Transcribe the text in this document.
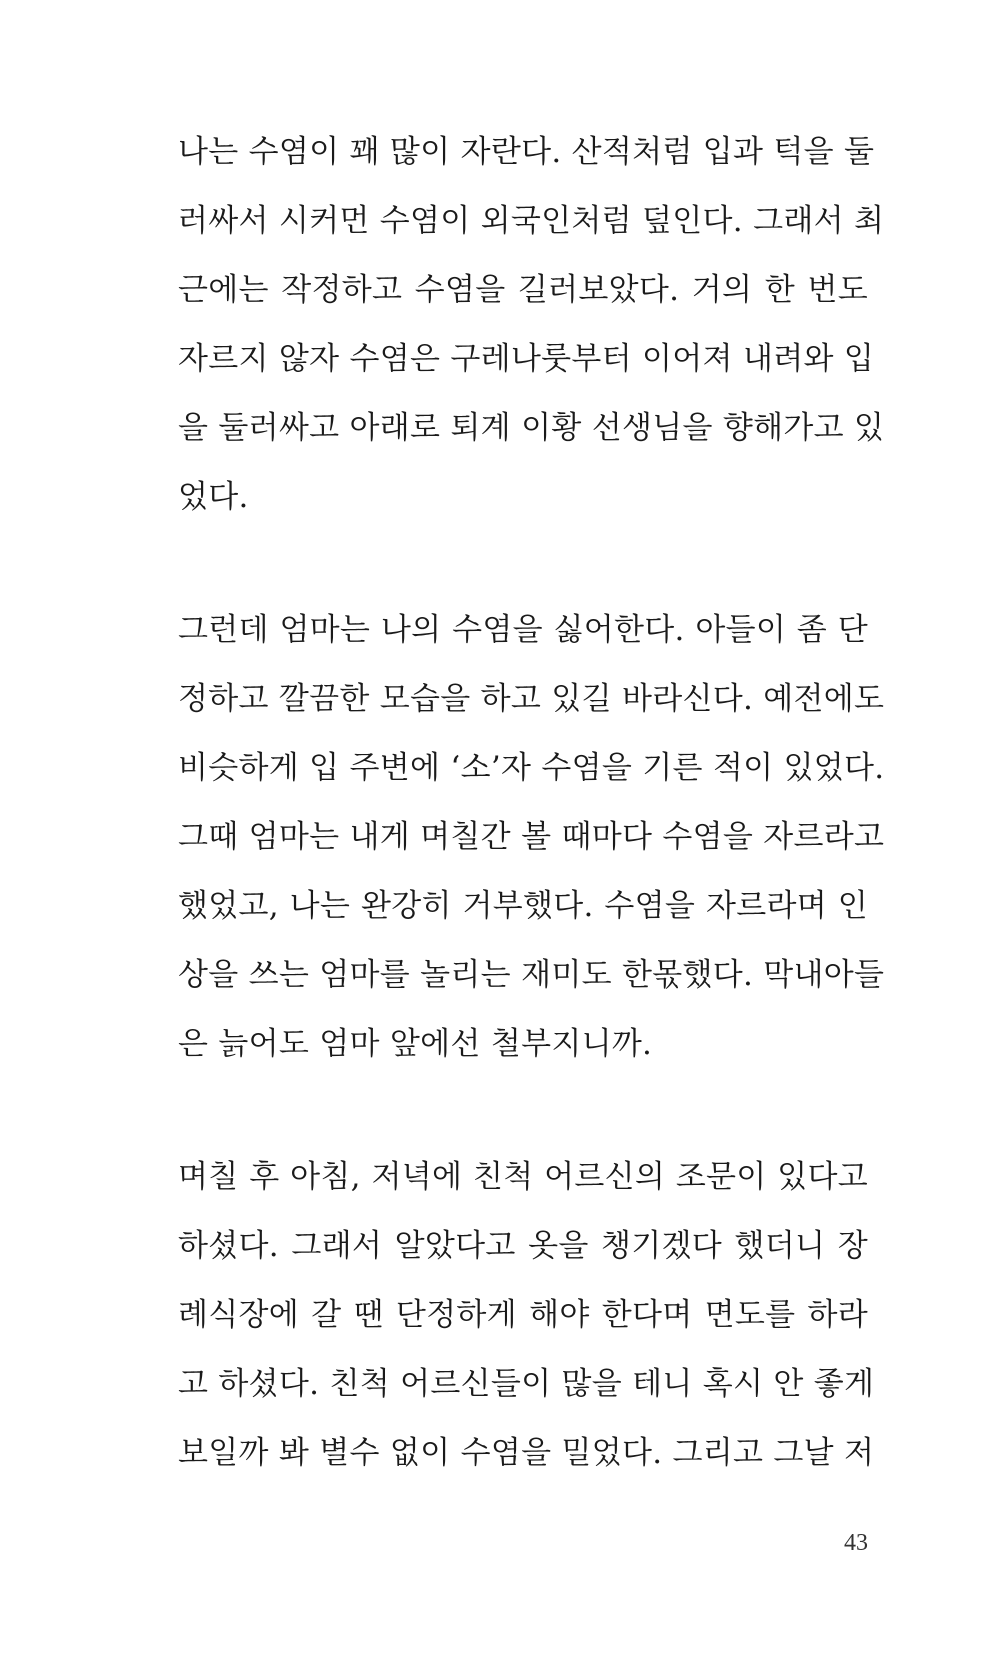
나는 수염이 꽤 많이 자란다. 산적처럼 입과 턱을 둘
러싸서 시커먼 수염이 외국인처럼 덮인다. 그래서 최
근에는 작정하고 수염을 길러보았다. 거의 한 번도
자르지 않자 수염은 구레나룻부터 이어져 내려와 입
을 둘러싸고 아래로 퇴계 이황 선생님을 향해가고 있
었다.
그런데 엄마는 나의 수염을 싫어한다. 아들이 좀 단
정하고 깔끔한 모습을 하고 있길 바라신다. 예전에도
비슷하게 입 주변에 ‘소’자 수염을 기른 적이 있었다.
그때 엄마는 내게 며칠간 볼 때마다 수염을 자르라고
했었고, 나는 완강히 거부했다. 수염을 자르라며 인
상을 쓰는 엄마를 놀리는 재미도 한몫했다. 막내아들
은 늙어도 엄마 앞에선 철부지니까.
며칠 후 아침, 저녁에 친척 어르신의 조문이 있다고
하셨다. 그래서 알았다고 옷을 챙기겠다 했더니 장
례식장에 갈 땐 단정하게 해야 한다며 면도를 하라
고 하셨다. 친척 어르신들이 많을 테니 혹시 안 좋게
보일까 봐 별수 없이 수염을 밀었다. 그리고 그날 저
43
